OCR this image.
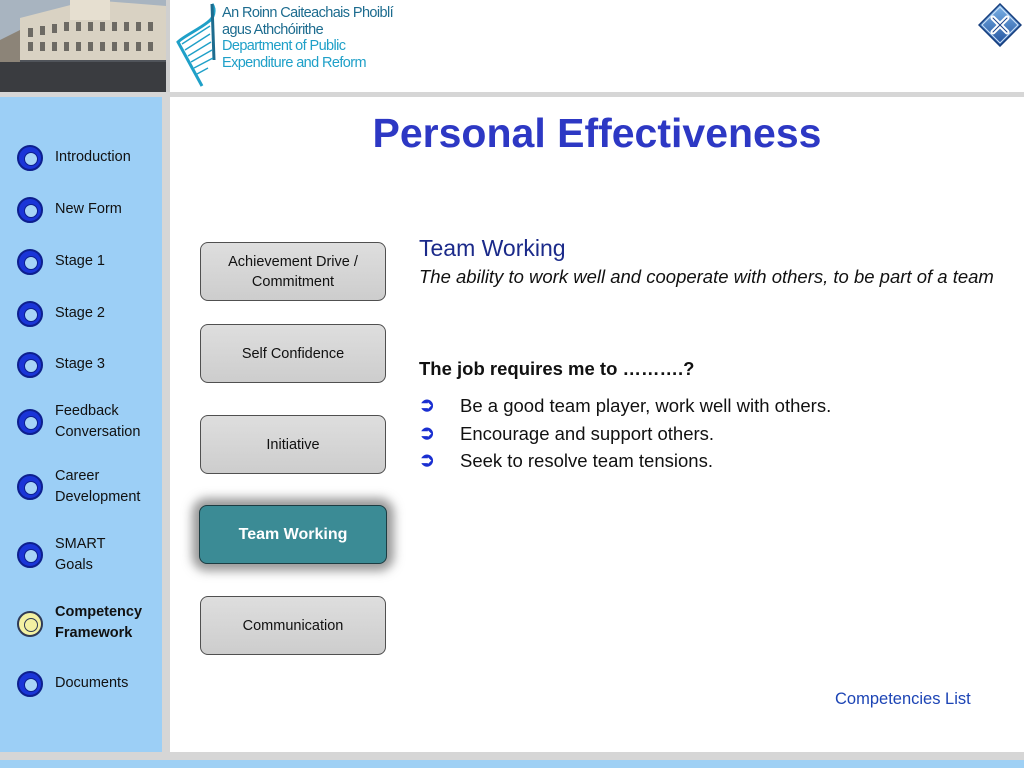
An Roinn Caiteachais Phoiblí
agus Athchóirithe
Department of Public
Expenditure and Reform
Introduction
New Form
Stage 1
Stage 2
Stage 3
Feedback Conversation
Career Development
SMART Goals
Competency Framework
Documents
Personal Effectiveness
Achievement Drive / Commitment
Self Confidence
Initiative
Team Working
Communication
Team Working
The ability to work well and cooperate with others, to be part of a team
The job requires me to ……….?
➲ Be a good team player, work well with others.
➲ Encourage and support others.
➲ Seek to resolve team tensions.
Competencies List
